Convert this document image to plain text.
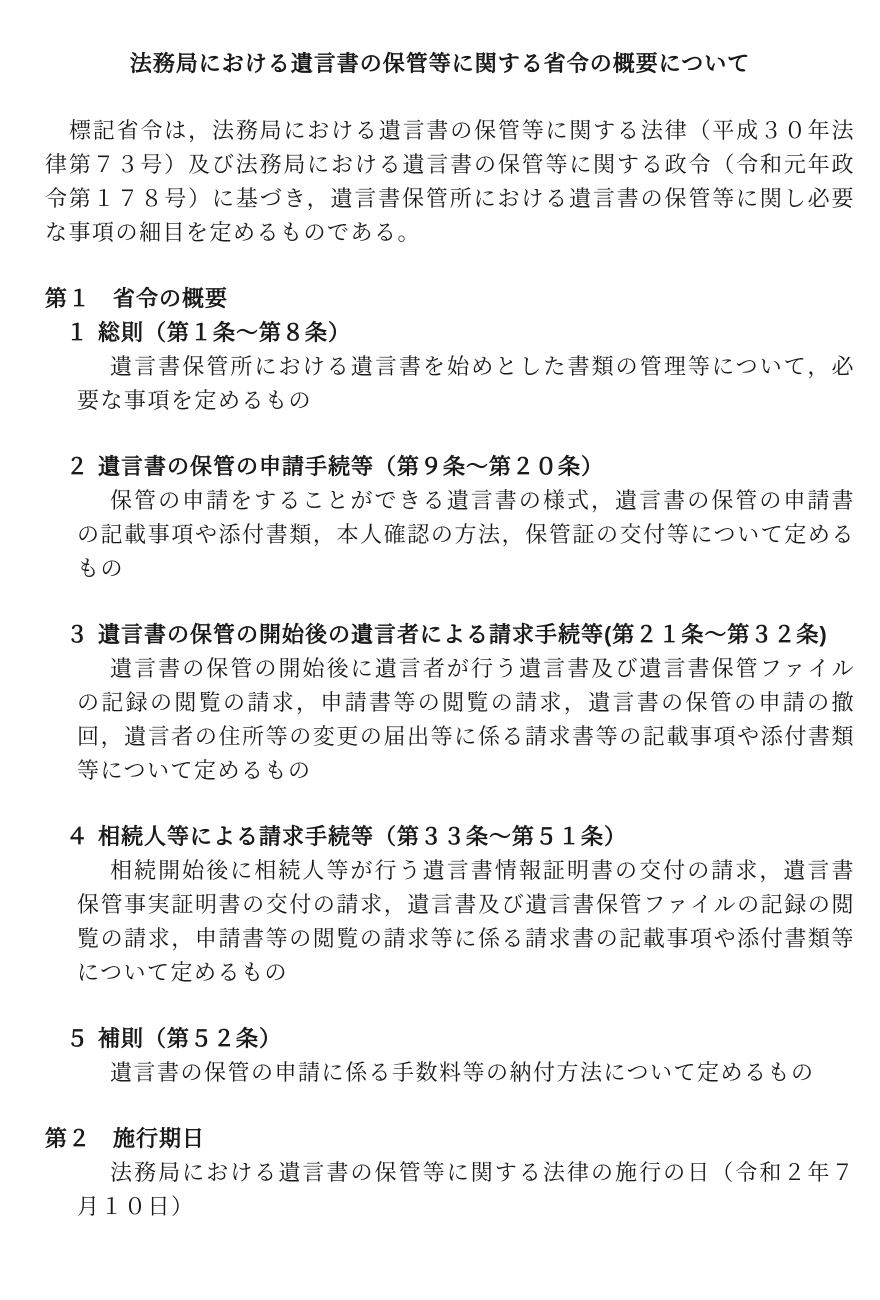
法務局における遺言書の保管等に関する省令の概要について

標記省令は，法務局における遺言書の保管等に関する法律（平成３０年法律第７３号）及び法務局における遺言書の保管等に関する政令（令和元年政令第１７８号）に基づき，遺言書保管所における遺言書の保管等に関し必要な事項の細目を定めるものである。

第１ 省令の概要
１ 総則（第１条～第８条）

遺言書保管所における遺言書を始めとした書類の管理等について，必要な事項を定めるもの

２ 遺言書の保管の申請手続等（第９条～第２０条）

保管の申請をすることができる遺言書の様式，遺言書の保管の申請書の記載事項や添付書類，本人確認の方法，保管証の交付等について定めるもの

３ 遺言書の保管の開始後の遺言者による請求手続等(第２１条～第３２条)

遺言書の保管の開始後に遺言者が行う遺言書及び遺言書保管ファイルの記録の閲覧の請求，申請書等の閲覧の請求，遺言書の保管の申請の撤回，遺言者の住所等の変更の届出等に係る請求書等の記載事項や添付書類等について定めるもの

４ 相続人等による請求手続等（第３３条～第５１条）

相続開始後に相続人等が行う遺言書情報証明書の交付の請求，遺言書保管事実証明書の交付の請求，遺言書及び遺言書保管ファイルの記録の閲覧の請求，申請書等の閲覧の請求等に係る請求書の記載事項や添付書類等について定めるもの

５ 補則（第５２条）

遺言書の保管の申請に係る手数料等の納付方法について定めるもの

第２ 施行期日

法務局における遺言書の保管等に関する法律の施行の日（令和２年７月１０日）
